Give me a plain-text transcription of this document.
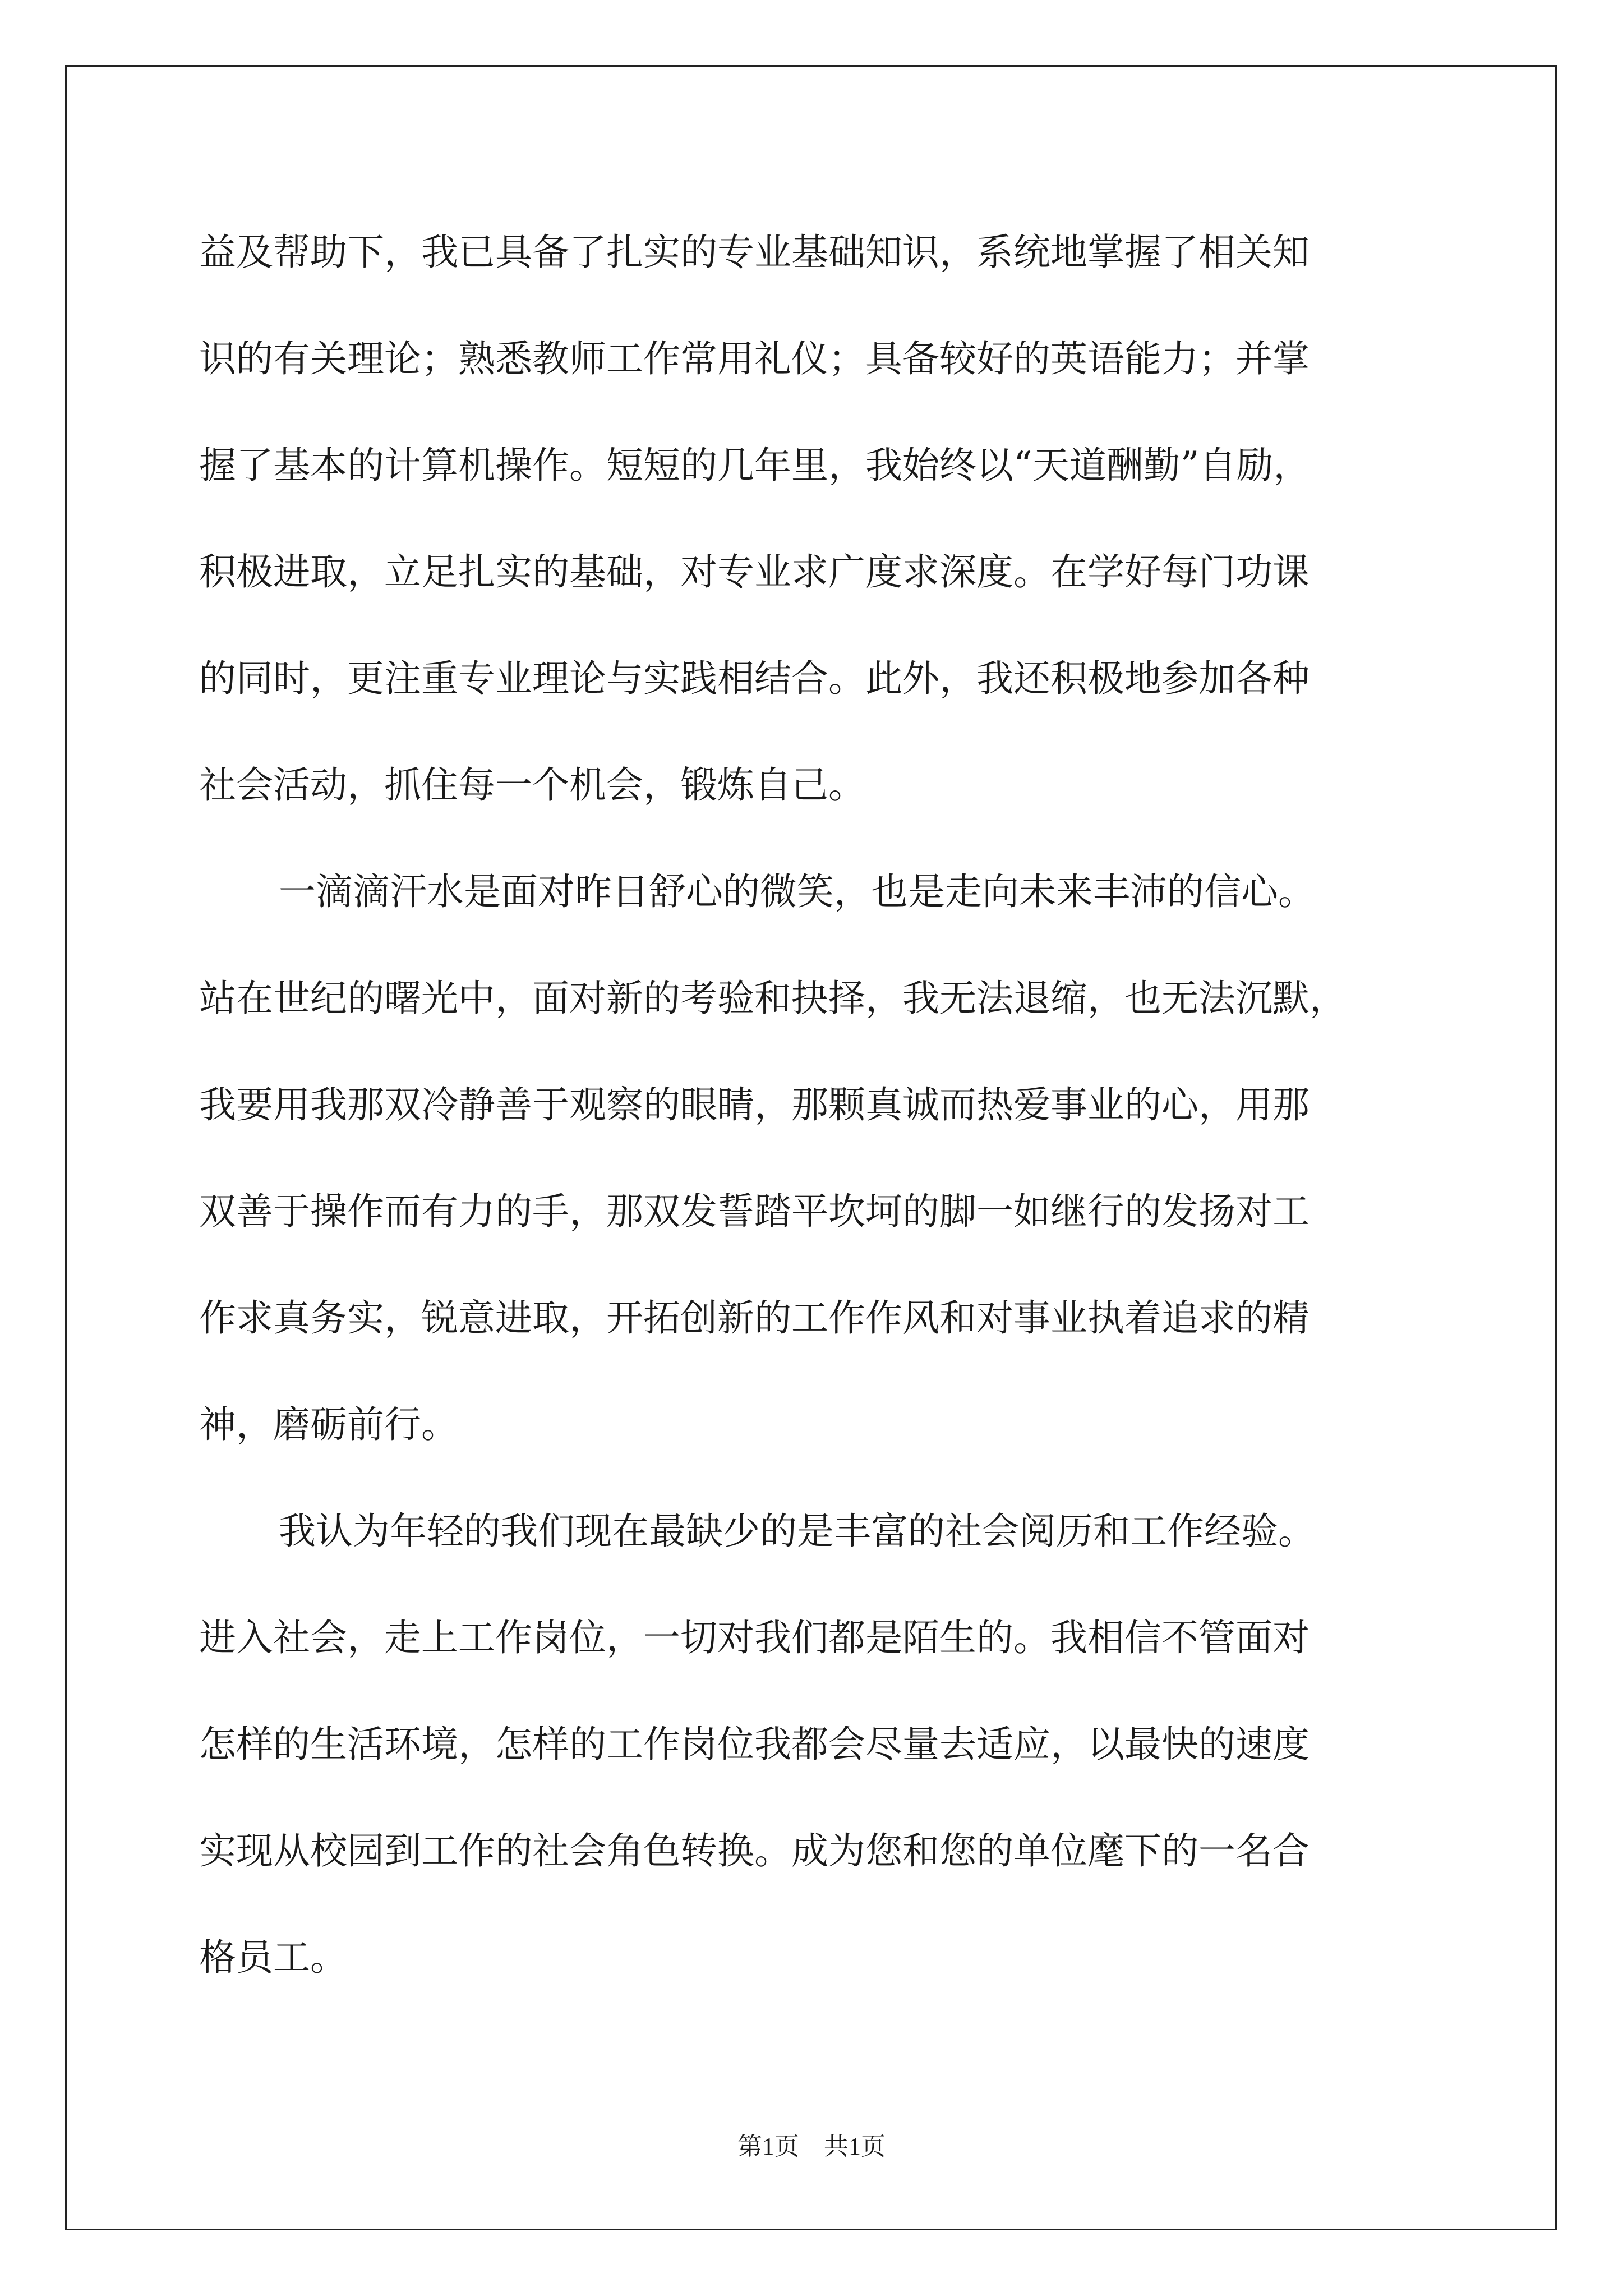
益及帮助下，我已具备了扎实的专业基础知识，系统地掌握了相关知
识的有关理论；熟悉教师工作常用礼仪；具备较好的英语能力；并掌
握了基本的计算机操作。短短的几年里，我始终以“天道酬勤”自励，
积极进取，立足扎实的基础，对专业求广度求深度。在学好每门功课
的同时，更注重专业理论与实践相结合。此外，我还积极地参加各种
社会活动，抓住每一个机会，锻炼自己。
一滴滴汗水是面对昨日舒心的微笑，也是走向未来丰沛的信心。
站在世纪的曙光中，面对新的考验和抉择，我无法退缩，也无法沉默，
我要用我那双冷静善于观察的眼睛，那颗真诚而热爱事业的心，用那
双善于操作而有力的手，那双发誓踏平坎坷的脚一如继行的发扬对工
作求真务实，锐意进取，开拓创新的工作作风和对事业执着追求的精
神，磨砺前行。
我认为年轻的我们现在最缺少的是丰富的社会阅历和工作经验。
进入社会，走上工作岗位，一切对我们都是陌生的。我相信不管面对
怎样的生活环境，怎样的工作岗位我都会尽量去适应，以最快的速度
实现从校园到工作的社会角色转换。成为您和您的单位麾下的一名合
格员工。
第1页　共1页
